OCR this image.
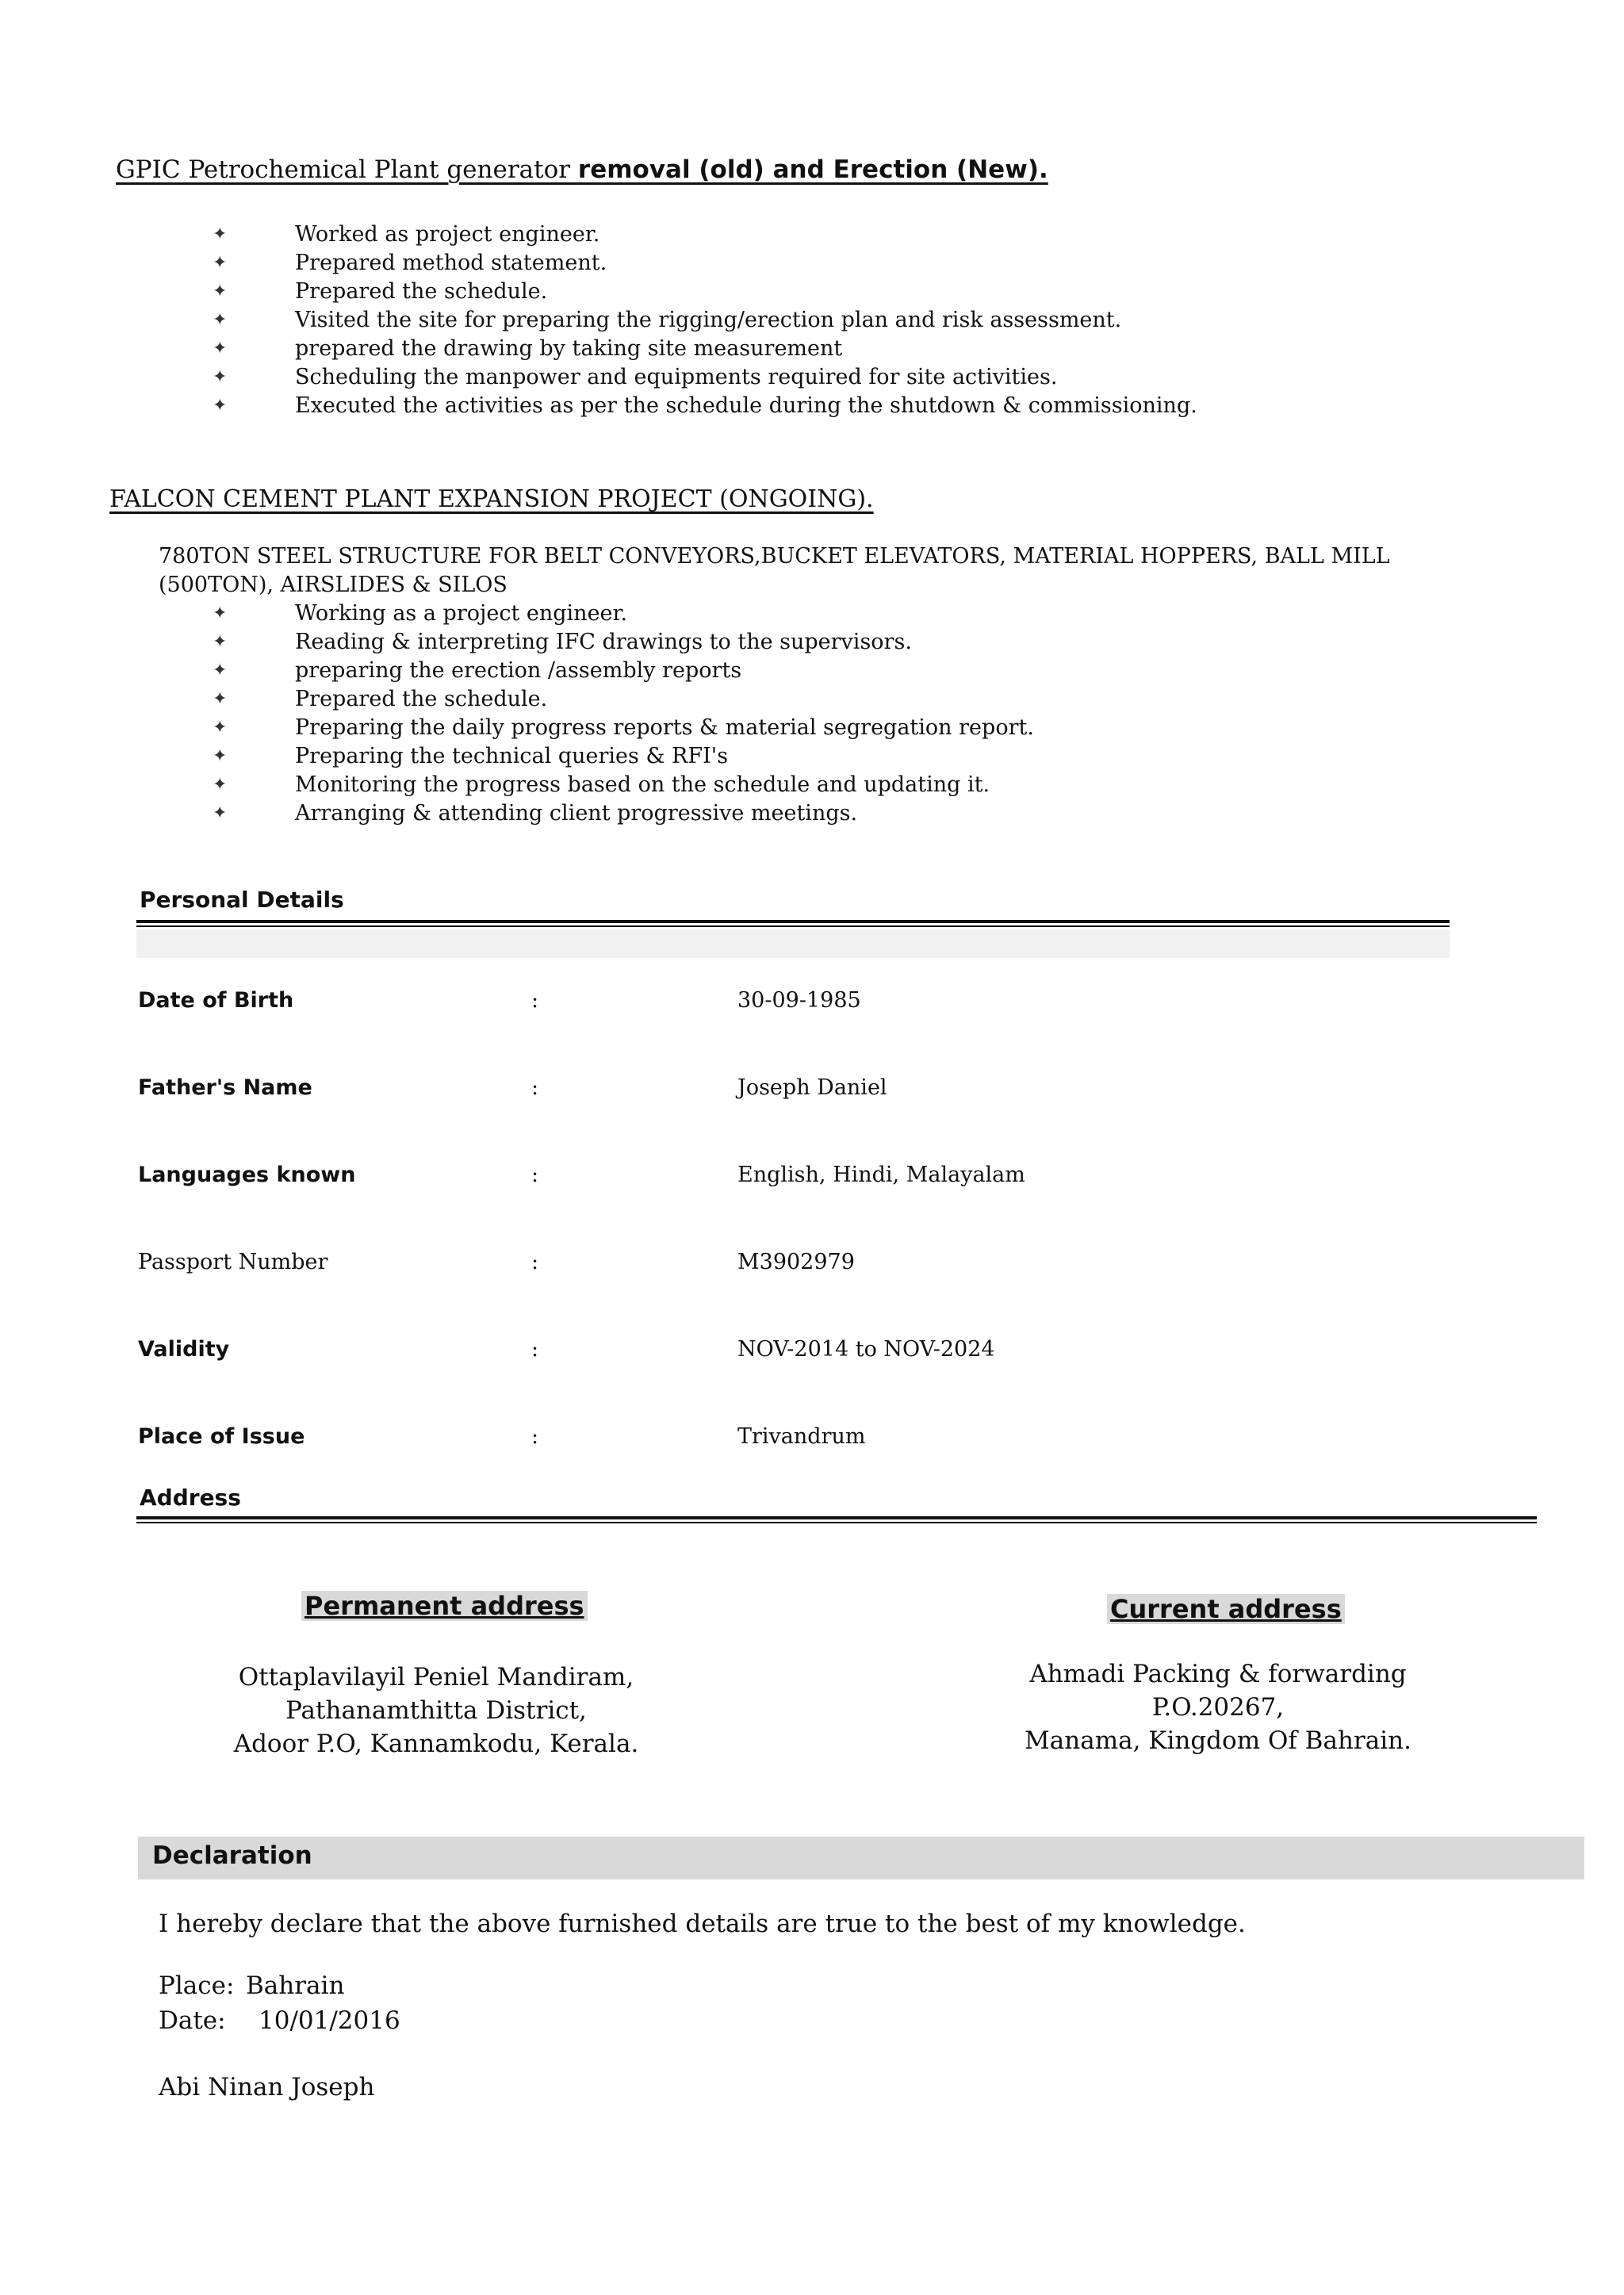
GPIC Petrochemical Plant generator removal (old) and Erection (New).
✦	Worked as project engineer.
✦	Prepared method statement.
✦	Prepared the schedule.
✦	Visited the site for preparing the rigging/erection plan and risk assessment.
✦	prepared the drawing by taking site measurement
✦	Scheduling the manpower and equipments required for site activities.
✦	Executed the activities as per the schedule during the shutdown & commissioning.
FALCON CEMENT PLANT EXPANSION PROJECT (ONGOING).
780TON STEEL STRUCTURE FOR BELT CONVEYORS,BUCKET ELEVATORS, MATERIAL HOPPERS, BALL MILL (500TON), AIRSLIDES & SILOS
✦	Working as a project engineer.
✦	Reading & interpreting IFC drawings to the supervisors.
✦	preparing the erection /assembly reports
✦	Prepared the schedule.
✦	Preparing the daily progress reports & material segregation report.
✦	Preparing the technical queries & RFI's
✦	Monitoring the progress based on the schedule and updating it.
✦	Arranging & attending client progressive meetings.
Personal Details
Date of Birth	:	30-09-1985
Father's Name	:	Joseph Daniel
Languages known	:	English, Hindi, Malayalam
Passport Number	:	M3902979
Validity	:	NOV-2014 to NOV-2024
Place of Issue	:	Trivandrum
Address
Permanent address
Ottaplavilayil Peniel Mandiram,
Pathanamthitta District,
Adoor P.O, Kannamkodu, Kerala.
Current address
Ahmadi Packing & forwarding
P.O.20267,
Manama, Kingdom Of Bahrain.
Declaration
I hereby declare that the above furnished details are true to the best of my knowledge.
Place: Bahrain
Date: 10/01/2016
Abi Ninan Joseph
